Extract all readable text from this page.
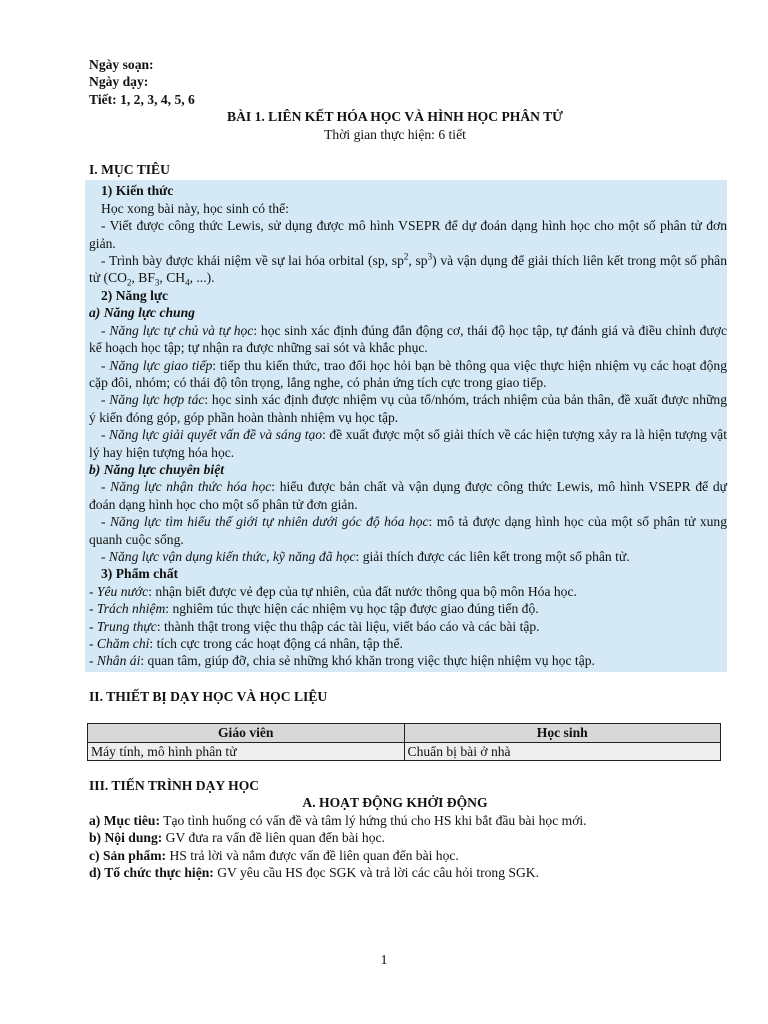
Ngày soạn:

Ngày dạy:

Tiết: 1, 2, 3, 4, 5, 6

BÀI 1. LIÊN KẾT HÓA HỌC VÀ HÌNH HỌC PHÂN TỬ

Thời gian thực hiện: 6 tiết

I. MỤC TIÊU

1) Kiến thức

Học xong bài này, học sinh có thể:

- Viết được công thức Lewis, sử dụng được mô hình VSEPR để dự đoán dạng hình học cho một số phân tử đơn giản.

- Trình bày được khái niệm về sự lai hóa orbital (sp, $sp^2$, $sp^3$) và vận dụng để giải thích liên kết trong một số phân tử ($CO_2$, $BF_3$, $CH_4$, ...).

2) Năng lực

a) Năng lực chung

- Năng lực tự chủ và tự học: học sinh xác định đúng đắn động cơ, thái độ học tập, tự đánh giá và điều chỉnh được kế hoạch học tập; tự nhận ra được những sai sót và khắc phục.

- Năng lực giao tiếp: tiếp thu kiến thức, trao đổi học hỏi bạn bè thông qua việc thực hiện nhiệm vụ các hoạt động cặp đôi, nhóm; có thái độ tôn trọng, lắng nghe, có phản ứng tích cực trong giao tiếp.

- Năng lực hợp tác: học sinh xác định được nhiệm vụ của tổ/nhóm, trách nhiệm của bản thân, đề xuất được những ý kiến đóng góp, góp phần hoàn thành nhiệm vụ học tập.

- Năng lực giải quyết vấn đề và sáng tạo: đề xuất được một số giải thích về các hiện tượng xảy ra là hiện tượng vật lý hay hiện tượng hóa học.

b) Năng lực chuyên biệt

- Năng lực nhận thức hóa học: hiểu được bản chất và vận dụng được công thức Lewis, mô hình VSEPR để dự đoán dạng hình học cho một số phân tử đơn giản.

- Năng lực tìm hiểu thế giới tự nhiên dưới góc độ hóa học: mô tả được dạng hình học của một số phân tử xung quanh cuộc sống.

- Năng lực vận dụng kiến thức, kỹ năng đã học: giải thích được các liên kết trong một số phân tử.

3) Phẩm chất

- Yêu nước: nhận biết được vẻ đẹp của tự nhiên, của đất nước thông qua bộ môn Hóa học.

- Trách nhiệm: nghiêm túc thực hiện các nhiệm vụ học tập được giao đúng tiến độ.

- Trung thực: thành thật trong việc thu thập các tài liệu, viết báo cáo và các bài tập.

- Chăm chỉ: tích cực trong các hoạt động cá nhân, tập thể.

- Nhân ái: quan tâm, giúp đỡ, chia sẻ những khó khăn trong việc thực hiện nhiệm vụ học tập.

II. THIẾT BỊ DẠY HỌC VÀ HỌC LIỆU

Giáo viên	Học sinh
Máy tính, mô hình phân tử	Chuẩn bị bài ở nhà

III. TIẾN TRÌNH DẠY HỌC

A. HOẠT ĐỘNG KHỞI ĐỘNG

a) Mục tiêu: Tạo tình huống có vấn đề và tâm lý hứng thú cho HS khi bắt đầu bài học mới.

b) Nội dung: GV đưa ra vấn đề liên quan đến bài học.

c) Sản phẩm: HS trả lời và nắm được vấn đề liên quan đến bài học.

d) Tổ chức thực hiện: GV yêu cầu HS đọc SGK và trả lời các câu hỏi trong SGK.

1
